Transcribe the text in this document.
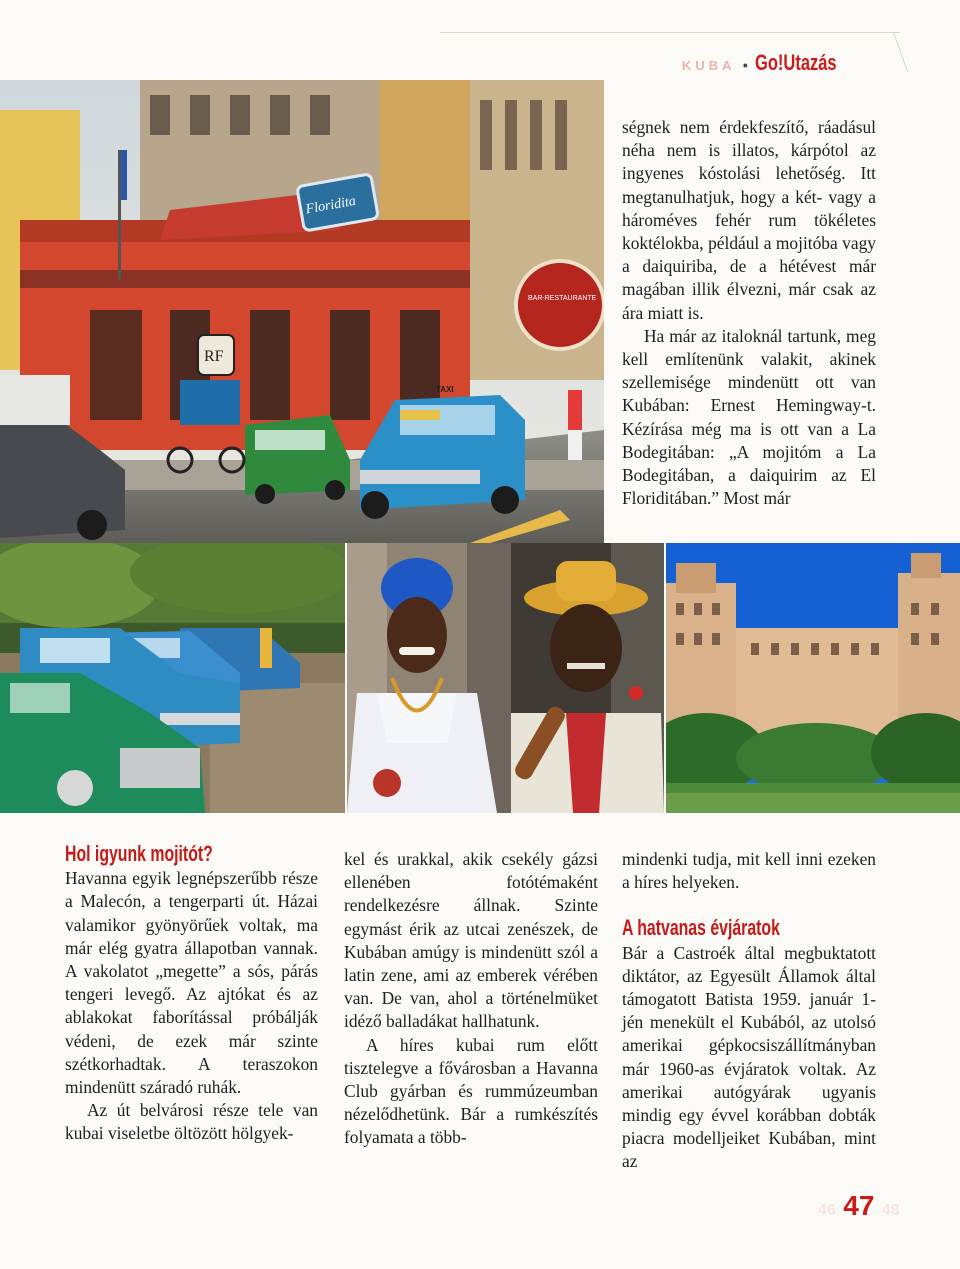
KUBA • Go!Utazás
Floridita
RF
BAR-RESTAURANTE
TAXI

ségnek nem érdekfeszítő, ráadásul néha nem is illatos, kárpótol az ingyenes kóstolási lehetőség. Itt megtanulhatjuk, hogy a két- vagy a hároméves fehér rum tökéletes koktélokba, például a mojitóba vagy a daiquiriba, de a hétévest már magában illik élvezni, már csak az ára miatt is.

Ha már az italoknál tartunk, meg kell említenünk valakit, akinek szellemisége mindenütt ott van Kubában: Ernest Hemingway-t. Kézírása még ma is ott van a La Bodegitában: „A mojitóm a La Bodegitában, a daiquirim az El Floriditában.” Most már

Hol igyunk mojitót?

Havanna egyik legnépszerűbb része a Malecón, a tengerparti út. Házai valamikor gyönyörűek voltak, ma már elég gyatra állapotban vannak. A vakolatot „megette” a sós, párás tengeri levegő. Az ajtókat és az ablakokat faborítással próbálják védeni, de ezek már szinte szétkorhadtak. A teraszokon mindenütt száradó ruhák.

Az út belvárosi része tele van kubai viseletbe öltözött hölgyek-

kel és urakkal, akik csekély gázsi ellenében fotótémaként rendelkezésre állnak. Szinte egymást érik az utcai zenészek, de Kubában amúgy is mindenütt szól a latin zene, ami az emberek vérében van. De van, ahol a történelmüket idéző balladákat hallhatunk.

A híres kubai rum előtt tisztelegve a fővárosban a Havanna Club gyárban és rummúzeumban nézelődhetünk. Bár a rumkészítés folyamata a több-

mindenki tudja, mit kell inni ezeken a híres helyeken.

A hatvanas évjáratok

Bár a Castroék által megbuktatott diktátor, az Egyesült Államok által támogatott Batista 1959. január 1-jén menekült el Kubából, az utolsó amerikai gépkocsiszállítmányban már 1960-as évjáratok voltak. Az amerikai autógyárak ugyanis mindig egy évvel korábban dobták piacra modelljeiket Kubában, mint az

46 47 48
